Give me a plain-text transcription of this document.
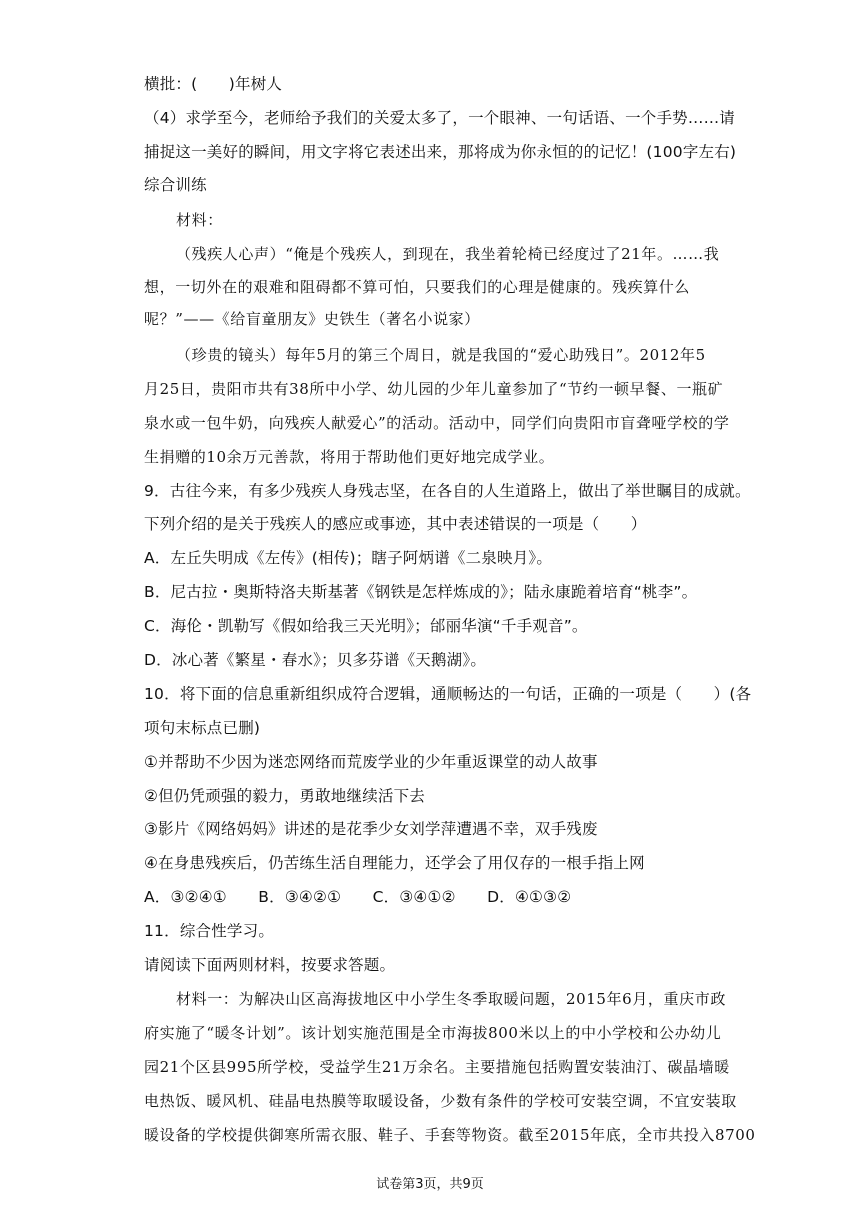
横批：(　　)年树人
（4）求学至今，老师给予我们的关爱太多了，一个眼神、一句话语、一个手势……请
捕捉这一美好的瞬间，用文字将它表述出来，那将成为你永恒的的记忆！(100字左右)
综合训练
材料：
（残疾人心声）“俺是个残疾人，到现在，我坐着轮椅已经度过了21年。……我
想，一切外在的艰难和阻碍都不算可怕，只要我们的心理是健康的。残疾算什么
呢？”——《给盲童朋友》史铁生（著名小说家）
（珍贵的镜头）每年5月的第三个周日，就是我国的“爱心助残日”。2012年5
月25日，贵阳市共有38所中小学、幼儿园的少年儿童参加了“节约一顿早餐、一瓶矿
泉水或一包牛奶，向残疾人献爱心”的活动。活动中，同学们向贵阳市盲聋哑学校的学
生捐赠的10余万元善款，将用于帮助他们更好地完成学业。
9．古往今来，有多少残疾人身残志坚，在各自的人生道路上，做出了举世瞩目的成就。
下列介绍的是关于残疾人的感应或事迹，其中表述错误的一项是（　　）
A．左丘失明成《左传》(相传)；瞎子阿炳谱《二泉映月》。
B．尼古拉・奥斯特洛夫斯基著《钢铁是怎样炼成的》；陆永康跪着培育“桃李”。
C．海伦・凯勒写《假如给我三天光明》；邰丽华演“千手观音”。
D．冰心著《繁星・春水》；贝多芬谱《天鹅湖》。
10．将下面的信息重新组织成符合逻辑，通顺畅达的一句话，正确的一项是（　　）(各
项句末标点已删)
①并帮助不少因为迷恋网络而荒废学业的少年重返课堂的动人故事
②但仍凭顽强的毅力，勇敢地继续活下去
③影片《网络妈妈》讲述的是花季少女刘学萍遭遇不幸，双手残废
④在身患残疾后，仍苦练生活自理能力，还学会了用仅存的一根手指上网
A．③②④①　　B．③④②①　　C．③④①②　　D．④①③②
11．综合性学习。
请阅读下面两则材料，按要求答题。
材料一：为解决山区高海拔地区中小学生冬季取暖问题，2015年6月，重庆市政
府实施了“暖冬计划”。该计划实施范围是全市海拔800米以上的中小学校和公办幼儿
园21个区县995所学校，受益学生21万余名。主要措施包括购置安装油汀、碳晶墙暖
电热饭、暖风机、硅晶电热膜等取暖设备，少数有条件的学校可安装空调，不宜安装取
暖设备的学校提供御寒所需衣服、鞋子、手套等物资。截至2015年底，全市共投入8700
试卷第3页，共9页
